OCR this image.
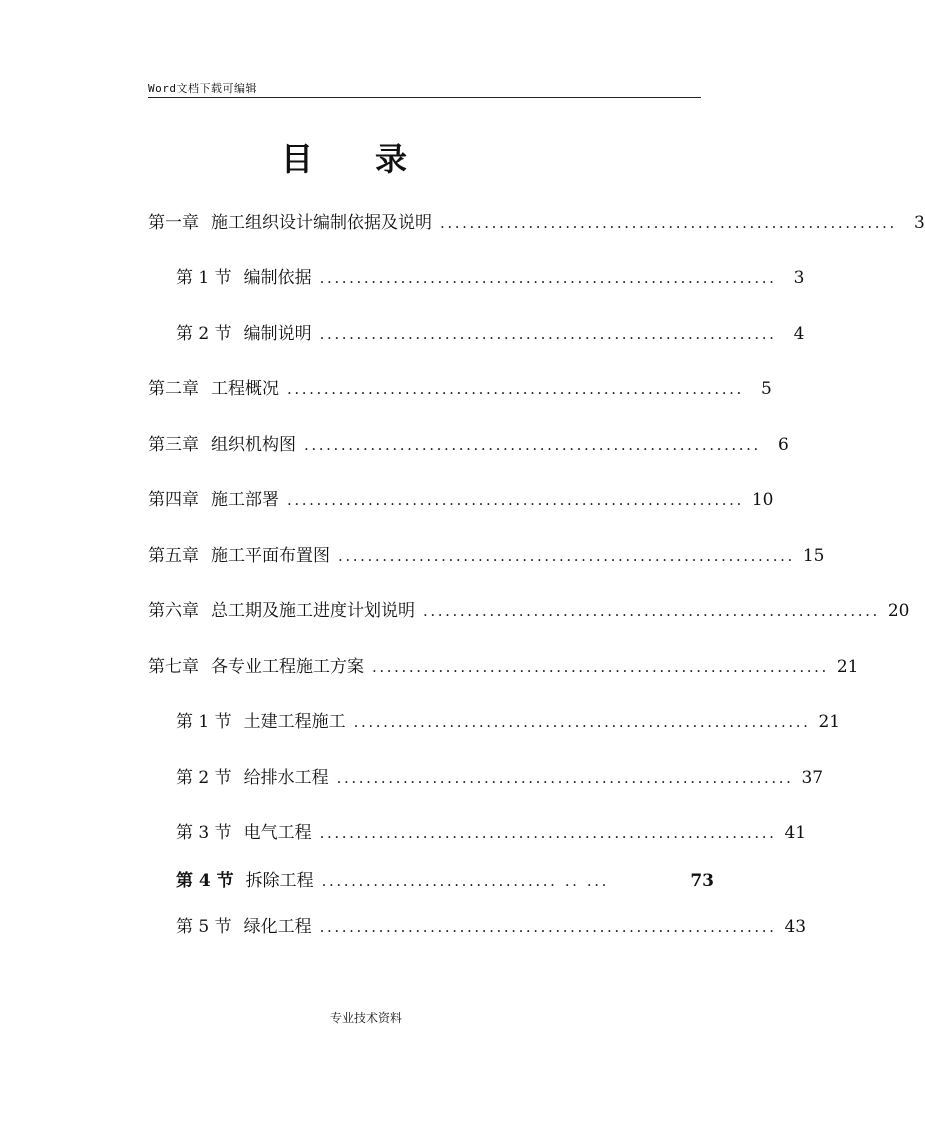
Word文档下载可编辑
目 录
第一章 施工组织设计编制依据及说明 ..............................................................	3
第 1 节 编制依据 ..............................................................	3
第 2 节 编制说明 ..............................................................	4
第二章 工程概况 ..............................................................	5
第三章 组织机构图 ..............................................................	6
第四章 施工部署 .............................................................. 10
第五章 施工平面布置图 .............................................................. 15
第六章 总工期及施工进度计划说明 .............................................................. 20
第七章 各专业工程施工方案 .............................................................. 21
第 1 节 土建工程施工 .............................................................. 21
第 2 节 给排水工程 .............................................................. 37
第 3 节 电气工程 .............................................................. 41
第 4 节 拆除工程 ................................ .. ...	73
第 5 节 绿化工程 .............................................................. 43
专业技术资料
